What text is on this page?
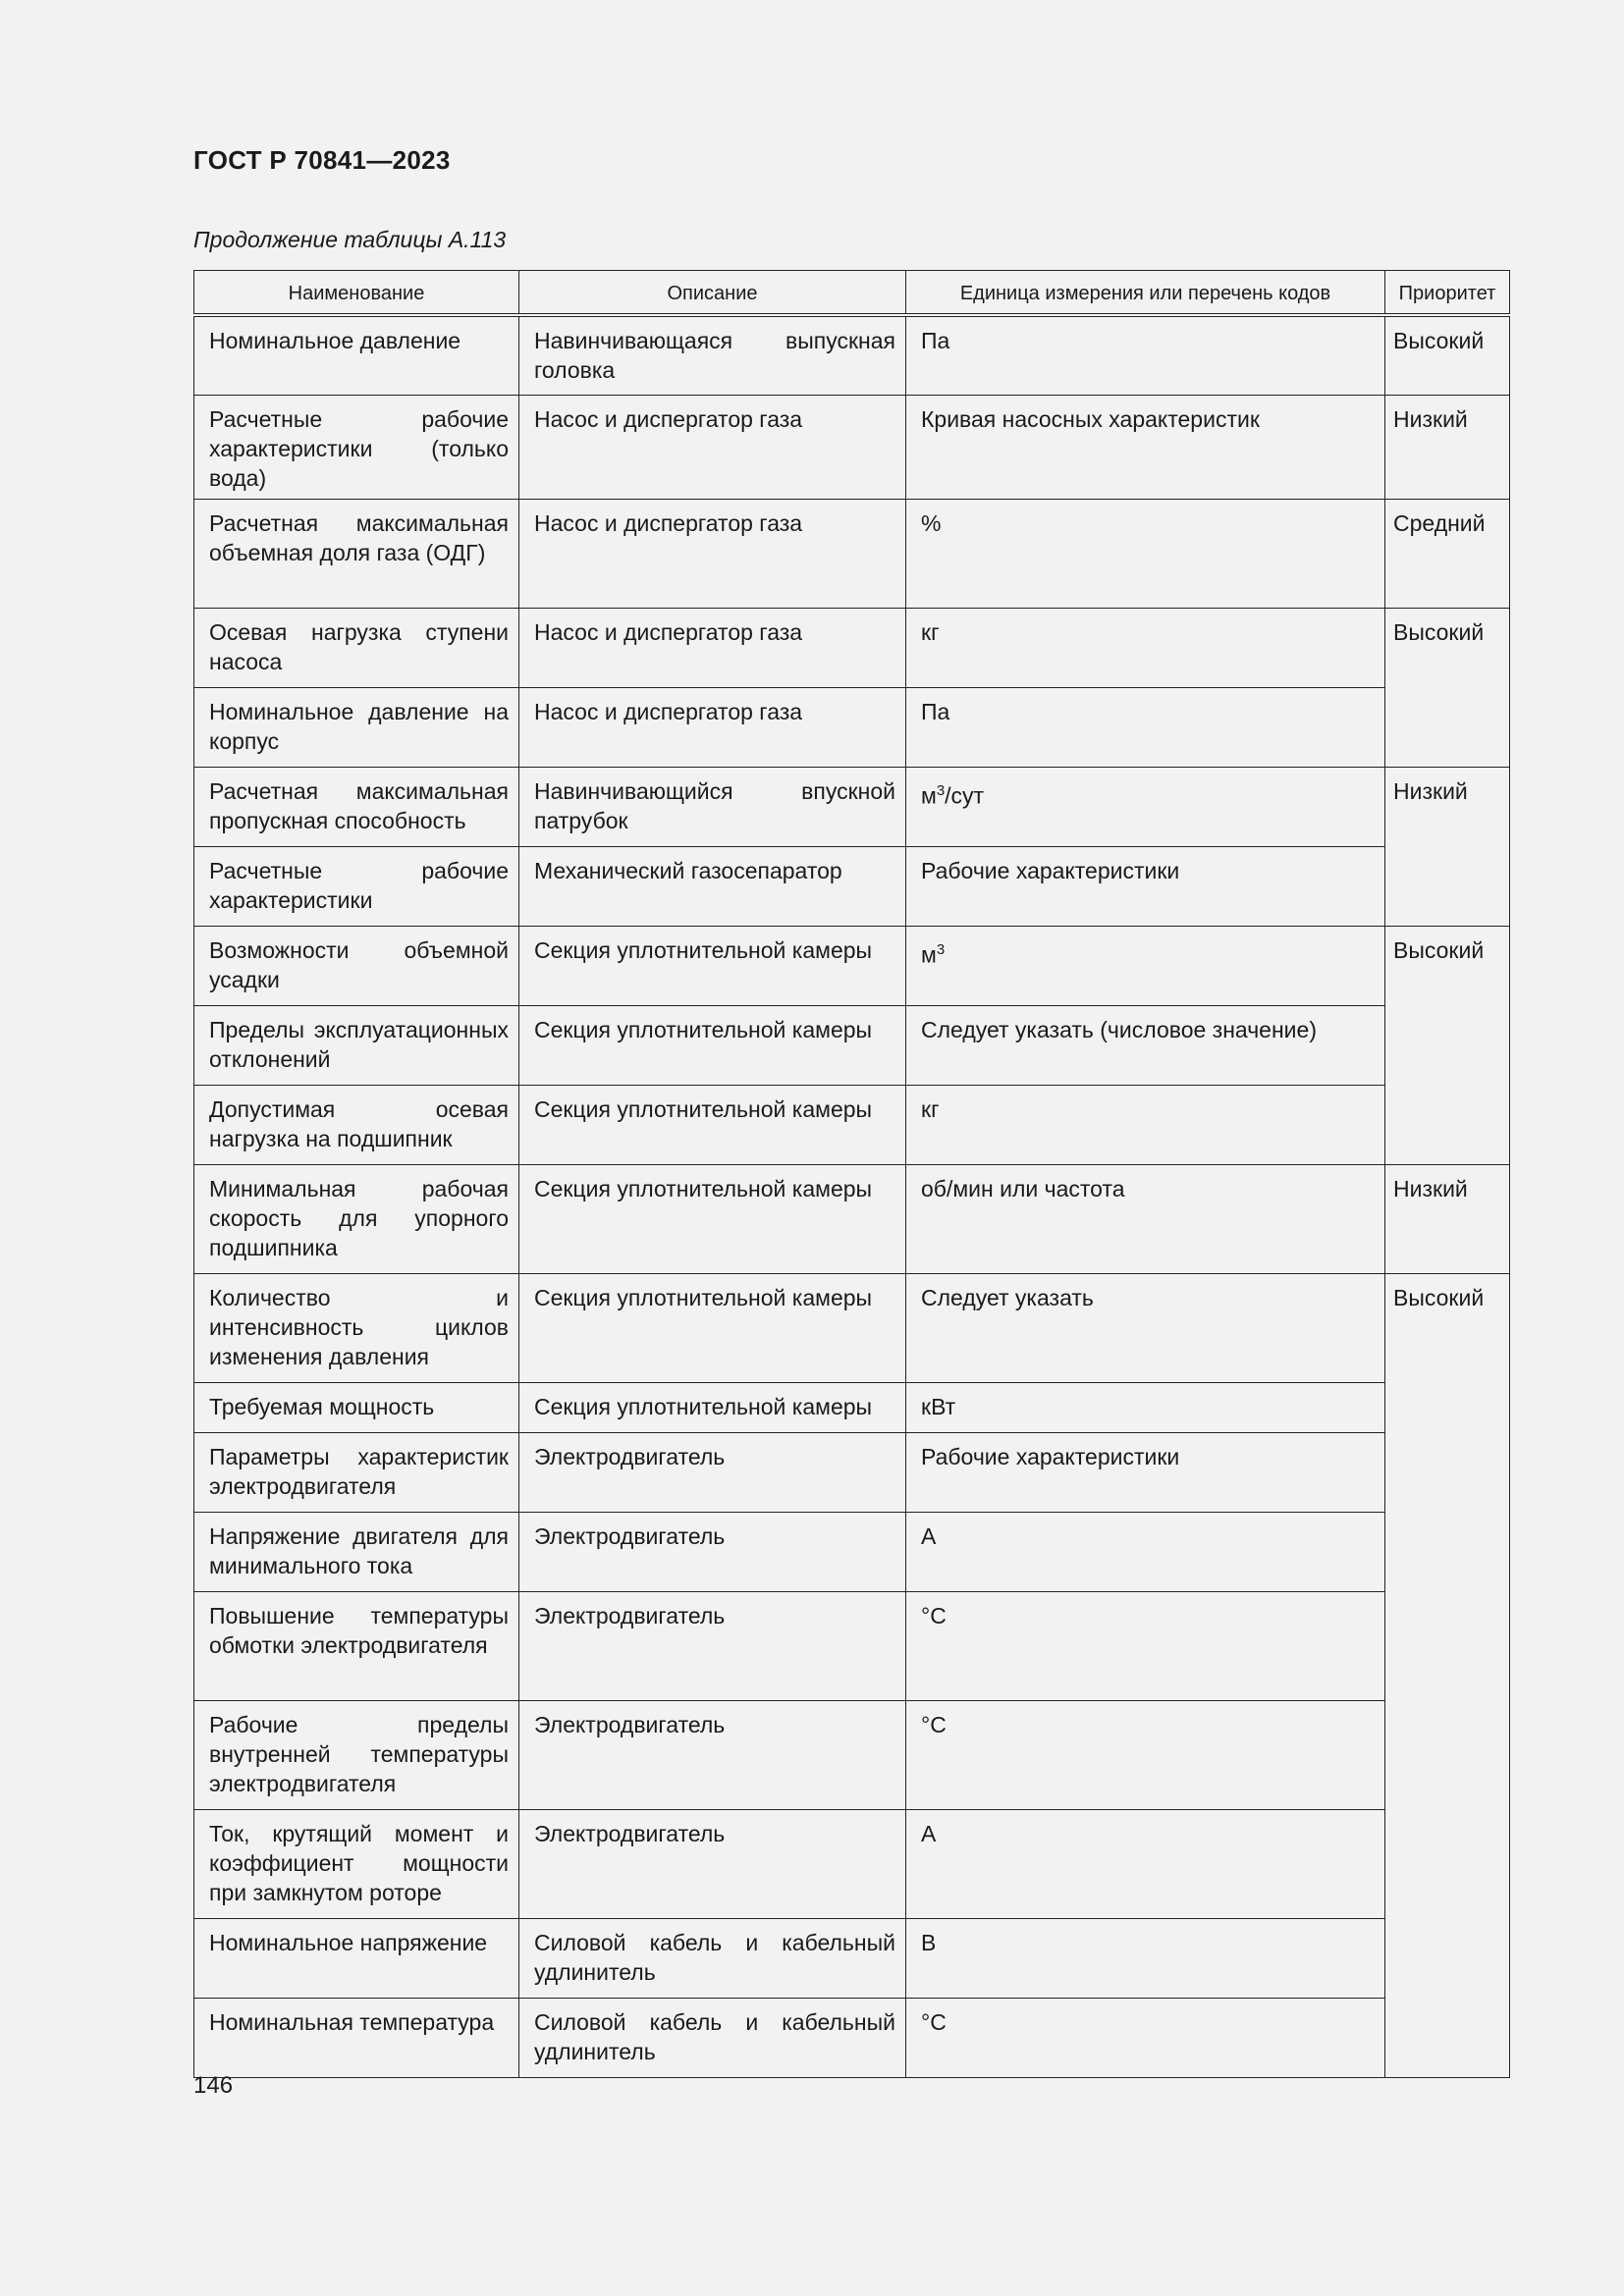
ГОСТ Р 70841—2023
Продолжение таблицы А.113
Наименование	Описание	Единица измерения или перечень кодов	Приоритет
Номинальное давление	Навинчивающаяся выпускная головка	Па	Высокий
Расчетные рабочие характеристики (только вода)	Насос и диспергатор газа	Кривая насосных характеристик	Низкий
Расчетная максимальная объемная доля газа (ОДГ)	Насос и диспергатор газа	%	Средний
Осевая нагрузка ступени насоса	Насос и диспергатор газа	кг	Высокий
Номинальное давление на корпус	Насос и диспергатор газа	Па	
Расчетная максимальная пропускная способность	Навинчивающийся впускной патрубок	$м^3$/сут	Низкий
Расчетные рабочие характеристики	Механический газосепаратор	Рабочие характеристики	
Возможности объемной усадки	Секция уплотнительной камеры	$м^3$	Высокий
Пределы эксплуатационных отклонений	Секция уплотнительной камеры	Следует указать (числовое значение)	
Допустимая осевая нагрузка на подшипник	Секция уплотнительной камеры	кг	
Минимальная рабочая скорость для упорного подшипника	Секция уплотнительной камеры	об/мин или частота	Низкий
Количество и интенсивность циклов изменения давления	Секция уплотнительной камеры	Следует указать	Высокий
Требуемая мощность	Секция уплотнительной камеры	кВт	
Параметры характеристик электродвигателя	Электродвигатель	Рабочие характеристики	
Напряжение двигателя для минимального тока	Электродвигатель	А	
Повышение температуры обмотки электродвигателя	Электродвигатель	°С	
Рабочие пределы внутренней температуры электродвигателя	Электродвигатель	°С	
Ток, крутящий момент и коэффициент мощности при замкнутом роторе	Электродвигатель	А	
Номинальное напряжение	Силовой кабель и кабельный удлинитель	В	
Номинальная температура	Силовой кабель и кабельный удлинитель	°С	
146
